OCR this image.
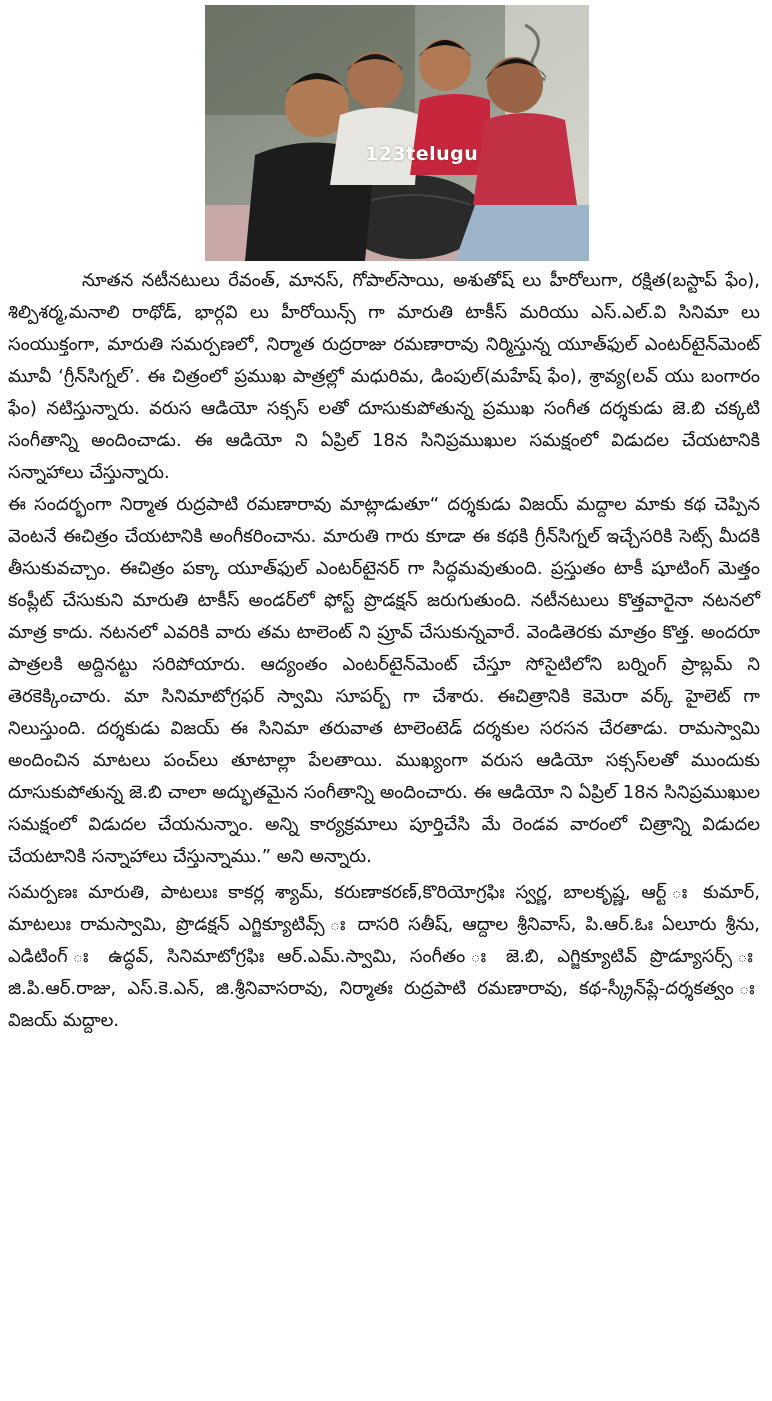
123telugu

నూతన నటీనటులు రేవంత్, మానస్, గోపాల్‌సాయి, అశుతోష్ లు హీరోలుగా, రక్షిత(బస్టాప్ ఫేం), శిల్పిశర్మ,మనాలి రాథోడ్, భార్గవి లు హీరోయిన్స్ గా మారుతి టాకీస్ మరియు ఎస్.ఎల్.వి సినిమా లు సంయుక్తంగా, మారుతి సమర్పణలో, నిర్మాత రుద్రరాజు రమణారావు నిర్మిస్తున్న యూత్‌ఫుల్ ఎంటర్‌టైన్‌మెంట్ మూవీ ‘గ్రీన్‌సిగ్నల్’. ఈ చిత్రంలో ప్రముఖ పాత్రల్లో మధురిమ, డింపుల్(మహేష్ ఫేం), శ్రావ్య(లవ్ యు బంగారం ఫేం) నటిస్తున్నారు. వరుస ఆడియో సక్సస్ లతో దూసుకుపోతున్న ప్రముఖ సంగీత దర్శకుడు జె.బి చక్కటి సంగీతాన్ని అందించాడు. ఈ ఆడియో ని ఏప్రిల్ 18న సినిప్రముఖుల సమక్షంలో విడుదల చేయటానికి సన్నాహాలు చేస్తున్నారు.

ఈ సందర్భంగా నిర్మాత రుద్రపాటి రమణారావు మాట్లాడుతూ“ దర్శకుడు విజయ్ మద్దాల మాకు కథ చెప్పిన వెంటనే ఈచిత్రం చేయటానికి అంగీకరించాను. మారుతి గారు కూడా ఈ కథకి గ్రీన్‌సిగ్నల్ ఇచ్చేసరికి సెట్స్ మీదకి తీసుకువచ్చాం. ఈచిత్రం పక్కా యూత్‌ఫుల్ ఎంటర్‌టైనర్ గా సిద్ధమవుతుంది. ప్రస్తుతం టాకీ షూటింగ్ మెత్తం కంప్లీట్ చేసుకుని మారుతి టాకీస్ అండర్‌లో ఫోస్ట్ ప్రొడక్షన్ జరుగుతుంది. నటీనటులు కొత్తవారైనా నటనలో మాత్ర కాదు. నటనలో ఎవరికి వారు తమ టాలెంట్ ని ప్రూవ్ చేసుకున్నవారే. వెండితెరకు మాత్రం కొత్త. అందరూ పాత్రలకి అద్దినట్టు సరిపోయారు. ఆద్యంతం ఎంటర్‌టైన్‌మెంట్ చేస్తూ సోసైటిలోని బర్నింగ్ ప్రాబ్లమ్ ని తెరకెక్కించారు. మా సినిమాటోగ్రఫర్ స్వామి సూపర్బ్ గా చేశారు. ఈచిత్రానికి కెమెరా వర్క్ హైలెట్ గా నిలుస్తుంది. దర్శకుడు విజయ్ ఈ సినిమా తరువాత టాలెంటెడ్ దర్శకుల సరసన చేరతాడు. రామస్వామి అందించిన మాటలు పంచ్‌లు తూటాల్లా పేలతాయి. ముఖ్యంగా వరుస ఆడియో సక్సస్‌లతో ముందుకు దూసుకుపోతున్న జె.బి చాలా అద్భుతమైన సంగీతాన్ని అందించారు. ఈ ఆడియో ని ఏప్రిల్ 18న సినిప్రముఖుల సమక్షంలో విడుదల చేయనున్నాం. అన్ని కార్యక్రమాలు పూర్తిచేసి మే రెండవ వారంలో చిత్రాన్ని విడుదల చేయటానికి సన్నాహాలు చేస్తున్నాము.” అని అన్నారు.

సమర్పణః మారుతి, పాటలుః కాకర్ల శ్యామ్, కరుణాకరణ్,కొరియోగ్రఫిః స్వర్ణ, బాలకృష్ణ, ఆర్ట్ ః కుమార్, మాటలుః రామస్వామి, ప్రొడక్షన్ ఎగ్జిక్యూటివ్స్ ః దాసరి సతీష్, ఆద్దాల శ్రీనివాస్, పి.ఆర్.ఓః ఏలూరు శ్రీను, ఎడిటింగ్ ః ఉద్ధవ్, సినిమాటోగ్రఫిః ఆర్.ఎమ్.స్వామి, సంగీతం ః జె.బి, ఎగ్జిక్యూటివ్ ప్రొడ్యూసర్స్ ః జి.పి.ఆర్.రాజు, ఎస్.కె.ఎన్, జి.శ్రీనివాసరావు, నిర్మాతః రుద్రపాటి రమణారావు, కథ-స్క్రీన్‌ప్లే-దర్శకత్వం ః విజయ్ మద్దాల.
